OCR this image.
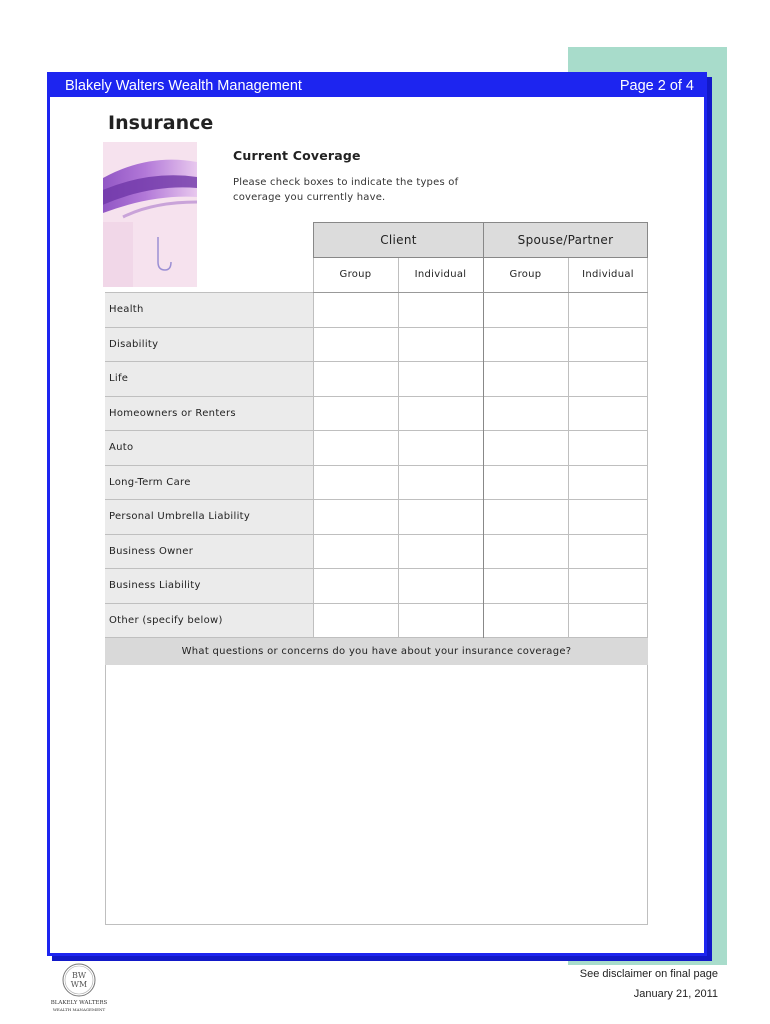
Blakely Walters Wealth Management	Page 2 of 4
Insurance
Current Coverage
Please check boxes to indicate the types of
coverage you currently have.
Client	Spouse/Partner
Group	Individual	Group	Individual
Health
Disability
Life
Homeowners or Renters
Auto
Long-Term Care
Personal Umbrella Liability
Business Owner
Business Liability
Other (specify below)
What questions or concerns do you have about your insurance coverage?
BW
WM
BLAKELY WALTERS
WEALTH MANAGEMENT
See disclaimer on final page
January 21, 2011
